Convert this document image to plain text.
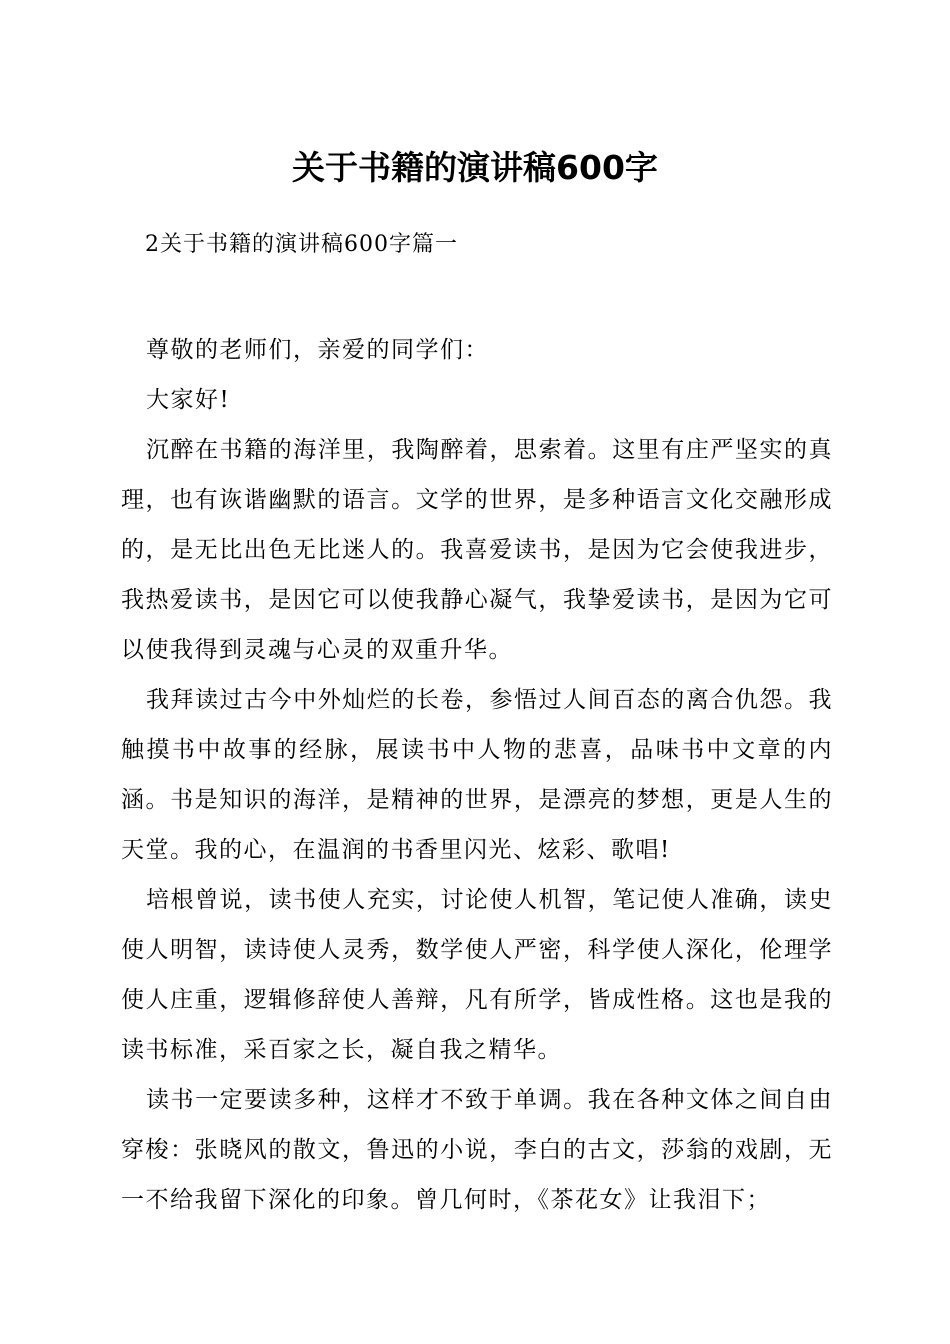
关于书籍的演讲稿600字
2关于书籍的演讲稿600字篇一

尊敬的老师们，亲爱的同学们：

大家好!

沉醉在书籍的海洋里，我陶醉着，思索着。这里有庄严坚实的真理，也有诙谐幽默的语言。文学的世界，是多种语言文化交融形成的，是无比出色无比迷人的。我喜爱读书，是因为它会使我进步，我热爱读书，是因它可以使我静心凝气，我挚爱读书，是因为它可以使我得到灵魂与心灵的双重升华。

我拜读过古今中外灿烂的长卷，参悟过人间百态的离合仇怨。我触摸书中故事的经脉，展读书中人物的悲喜，品味书中文章的内涵。书是知识的海洋，是精神的世界，是漂亮的梦想，更是人生的天堂。我的心，在温润的书香里闪光、炫彩、歌唱!

培根曾说，读书使人充实，讨论使人机智，笔记使人准确，读史使人明智，读诗使人灵秀，数学使人严密，科学使人深化，伦理学使人庄重，逻辑修辞使人善辩，凡有所学，皆成性格。这也是我的读书标准，采百家之长，凝自我之精华。

读书一定要读多种，这样才不致于单调。我在各种文体之间自由穿梭：张晓风的散文，鲁迅的小说，李白的古文，莎翁的戏剧，无一不给我留下深化的印象。曾几何时，《茶花女》让我泪下；
